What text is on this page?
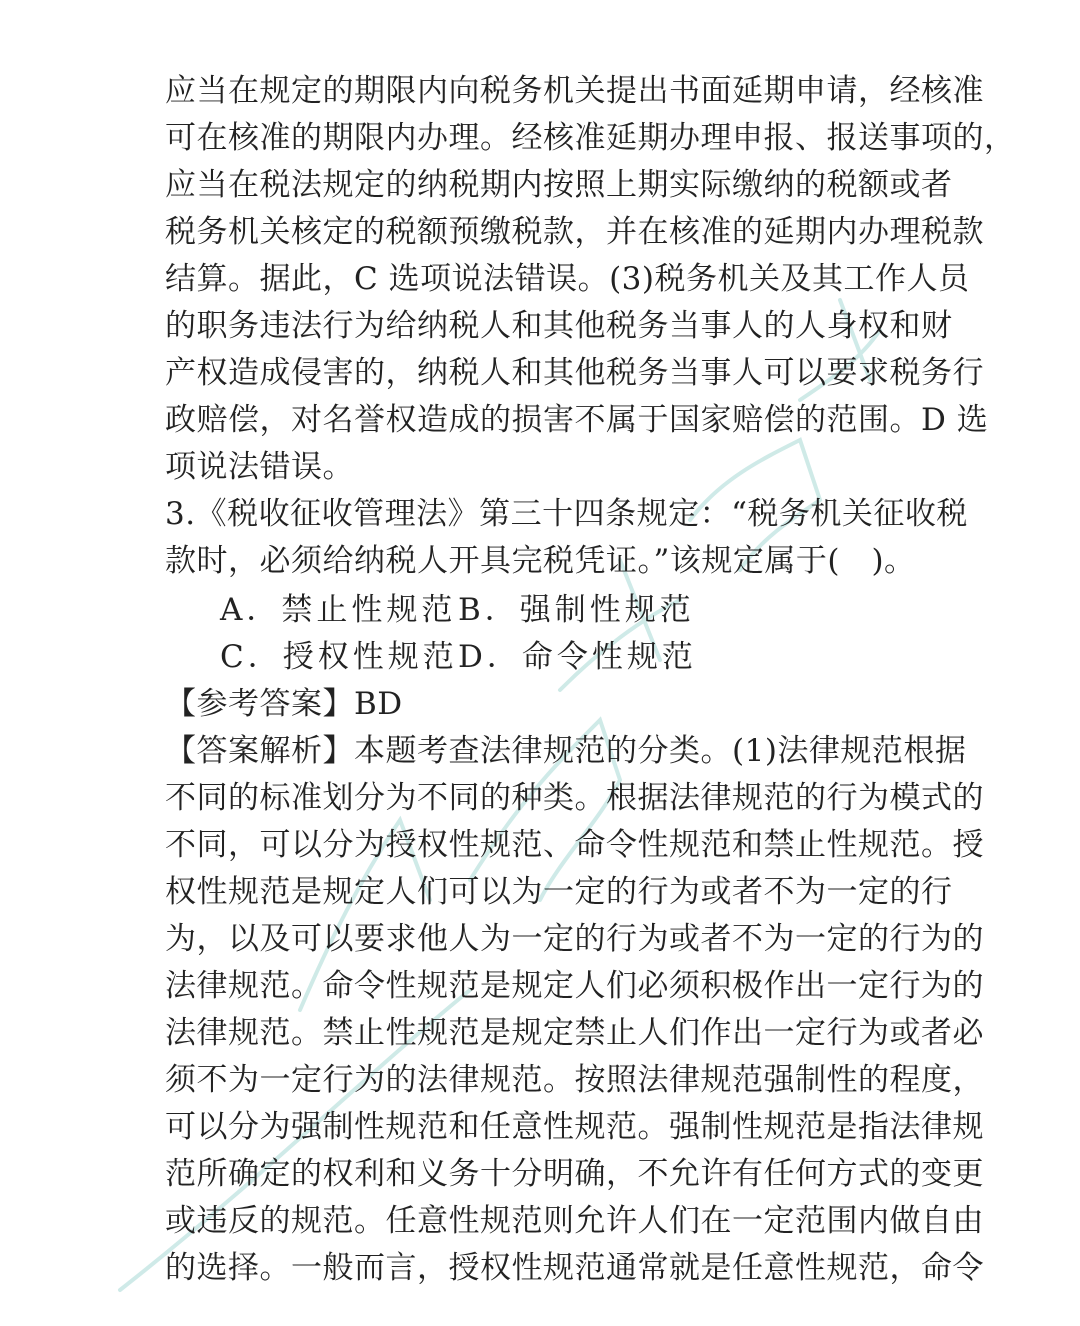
应当在规定的期限内向税务机关提出书面延期申请，经核准
可在核准的期限内办理。经核准延期办理申报、报送事项的，
应当在税法规定的纳税期内按照上期实际缴纳的税额或者
税务机关核定的税额预缴税款，并在核准的延期内办理税款
结算。据此，C 选项说法错误。(3)税务机关及其工作人员
的职务违法行为给纳税人和其他税务当事人的人身权和财
产权造成侵害的，纳税人和其他税务当事人可以要求税务行
政赔偿，对名誉权造成的损害不属于国家赔偿的范围。D 选
项说法错误。
3.《税收征收管理法》第三十四条规定：“税务机关征收税
款时，必须给纳税人开具完税凭证。”该规定属于(　)。
A．禁止性规范 B．强制性规范
C．授权性规范 D．命令性规范
【参考答案】BD
【答案解析】本题考查法律规范的分类。(1)法律规范根据
不同的标准划分为不同的种类。根据法律规范的行为模式的
不同，可以分为授权性规范、命令性规范和禁止性规范。授
权性规范是规定人们可以为一定的行为或者不为一定的行
为，以及可以要求他人为一定的行为或者不为一定的行为的
法律规范。命令性规范是规定人们必须积极作出一定行为的
法律规范。禁止性规范是规定禁止人们作出一定行为或者必
须不为一定行为的法律规范。按照法律规范强制性的程度，
可以分为强制性规范和任意性规范。强制性规范是指法律规
范所确定的权利和义务十分明确，不允许有任何方式的变更
或违反的规范。任意性规范则允许人们在一定范围内做自由
的选择。一般而言，授权性规范通常就是任意性规范，命令
